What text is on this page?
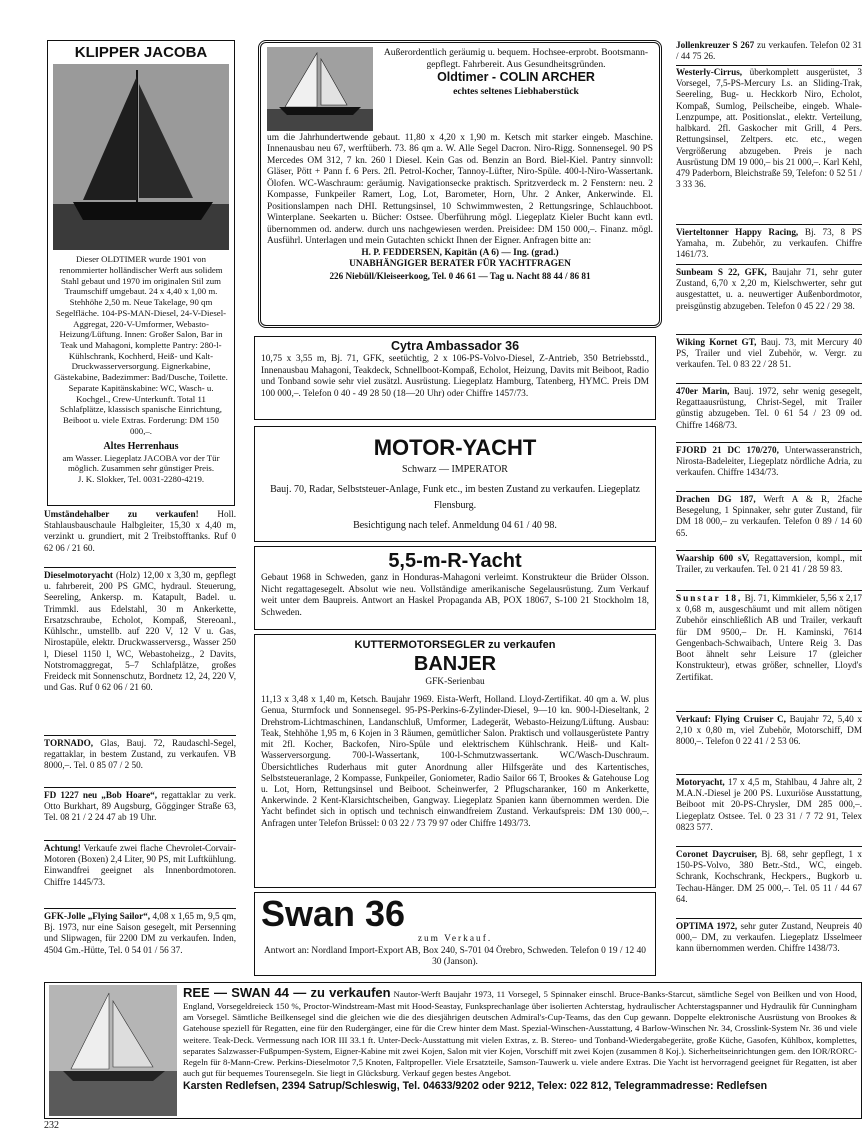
KLIPPER JACOBA

Dieser OLDTIMER wurde 1901 von renommierter holländischer Werft aus solidem Stahl gebaut und 1970 im originalen Stil zum Traumschiff umgebaut. 24 x 4,40 x 1,00 m. Stehhöhe 2,50 m. Neue Takelage, 90 qm Segelfläche. 104-PS-MAN-Diesel, 24-V-Diesel-Aggregat, 220-V-Umformer, Webasto-Heizung/Lüftung. Innen: Großer Salon, Bar in Teak und Mahagoni, komplette Pantry: 280-l-Kühlschrank, Kochherd, Heiß- und Kalt-Druckwasserversorgung. Eignerkabine, Gästekabine, Badezimmer: Bad/Dusche, Toilette. Separate Kapitänskabine: WC, Wasch- u. Kochgel., Crew-Unterkunft. Total 11 Schlafplätze, klassisch spanische Einrichtung, Beiboot u. viele Extras. Forderung: DM 150 000,–.

Altes Herrenhaus

am Wasser. Liegeplatz JACOBA vor der Tür möglich. Zusammen sehr günstiger Preis.

J. K. Slokker, Tel. 0031-2280-4219.

Umständehalber zu verkaufen! Holl. Stahlausbauschaule Halbgleiter, 15,30 x 4,40 m, verzinkt u. grundiert, mit 2 Treibstofftanks. Ruf 0 62 06 / 21 60.
Dieselmotoryacht (Holz) 12,00 x 3,30 m, gepflegt u. fahrbereit, 200 PS GMC, hydraul. Steuerung, Seereling, Ankersp. m. Katapult, Badel. u. Trimmkl. aus Edelstahl, 30 m Ankerkette, Ersatzschraube, Echolot, Kompaß, Stereoanl., Kühlschr., umstellb. auf 220 V, 12 V u. Gas, Nirostapüle, elektr. Druckwasserversg., Wasser 250 l, Diesel 1150 l, WC, Webastoheizg., 2 Davits, Notstromaggregat, 5–7 Schlafplätze, großes Freideck mit Sonnenschutz, Bordnetz 12, 24, 220 V, und Gas. Ruf 0 62 06 / 21 60.
TORNADO, Glas, Bauj. 72, Raudaschl-Segel, regattaklar, in bestem Zustand, zu verkaufen. VB 8000,–. Tel. 0 85 07 / 2 50.
FD 1227 neu „Bob Hoare“, regattaklar zu verk. Otto Burkhart, 89 Augsburg, Gögginger Straße 63, Tel. 08 21 / 2 24 47 ab 19 Uhr.
Achtung! Verkaufe zwei flache Chevrolet-Corvair-Motoren (Boxen) 2,4 Liter, 90 PS, mit Luftkühlung. Einwandfrei geeignet als Innenbordmotoren. Chiffre 1445/73.
GFK-Jolle „Flying Sailor“, 4,08 x 1,65 m, 9,5 qm, Bj. 1973, nur eine Saison gesegelt, mit Persenning und Slipwagen, für 2200 DM zu verkaufen. Inden, 4504 Gm.-Hütte, Tel. 0 54 01 / 56 37.

Außerordentlich geräumig u. bequem. Hochsee-erprobt. Bootsmann-gepflegt. Fahrbereit. Aus Gesundheitsgründen.

Oldtimer - COLIN ARCHER
echtes seltenes Liebhaberstück

um die Jahrhundertwende gebaut. 11,80 x 4,20 x 1,90 m. Ketsch mit starker eingeb. Maschine. Innenausbau neu 67, werftüberh. 73. 86 qm a. W. Alle Segel Dacron. Niro-Rigg. Sonnensegel. 90 PS Mercedes OM 312, 7 kn. 260 l Diesel. Kein Gas od. Benzin an Bord. Biel-Kiel. Pantry sinnvoll: Gläser, Pött + Pann f. 6 Pers. 2fl. Petrol-Kocher, Tannoy-Lüfter, Niro-Spüle. 400-l-Niro-Wassertank. Ölofen. WC-Waschraum: geräumig. Navigationsecke praktisch. Spritzverdeck m. 2 Fenstern: neu. 2 Kompasse, Funkpeiler Ramert, Log, Lot, Barometer, Horn, Uhr. 2 Anker, Ankerwinde. El. Positionslampen nach DHI. Rettungsinsel, 10 Schwimmwesten, 2 Rettungsringe, Schlauchboot. Winterplane. Seekarten u. Bücher: Ostsee. Überführung mögl. Liegeplatz Kieler Bucht kann evtl. übernommen od. anderw. durch uns nachgewiesen werden. Preisidee: DM 150 000,–. Finanz. mögl. Ausführl. Unterlagen und mein Gutachten schickt Ihnen der Eigner. Anfragen bitte an:

H. P. FEDDERSEN, Kapitän (A 6) — Ing. (grad.)

UNABHÄNGIGER BERATER FÜR YACHTFRAGEN

226 Niebüll/Kleiseerkoog, Tel. 0 46 61 — Tag u. Nacht 88 44 / 86 81

Cytra Ambassador 36

10,75 x 3,55 m, Bj. 71, GFK, seetüchtig, 2 x 106-PS-Volvo-Diesel, Z-Antrieb, 350 Betriebsstd., Innenausbau Mahagoni, Teakdeck, Schnellboot-Kompaß, Echolot, Heizung, Davits mit Beiboot, Radio und Tonband sowie sehr viel zusätzl. Ausrüstung. Liegeplatz Hamburg, Tatenberg, HYMC. Preis DM 100 000,–. Telefon 0 40 - 49 28 50 (18—20 Uhr) oder Chiffre 1457/73.

MOTOR-YACHT
Schwarz — IMPERATOR

Bauj. 70, Radar, Selbststeuer-Anlage, Funk etc., im besten Zustand zu verkaufen. Liegeplatz Flensburg.

Besichtigung nach telef. Anmeldung 04 61 / 40 98.

5,5-m-R-Yacht

Gebaut 1968 in Schweden, ganz in Honduras-Mahagoni verleimt. Konstrukteur die Brüder Olsson. Nicht regattagesegelt. Absolut wie neu. Vollständige amerikanische Segelausrüstung. Zum Verkauf weit unter dem Baupreis. Antwort an Haskel Propaganda AB, POX 18067, S-100 21 Stockholm 18, Schweden.

KUTTERMOTORSEGLER zu verkaufen
BANJER
GFK-Serienbau

11,13 x 3,48 x 1,40 m, Ketsch. Baujahr 1969. Eista-Werft, Holland. Lloyd-Zertifikat. 40 qm a. W. plus Genua, Sturmfock und Sonnensegel. 95-PS-Perkins-6-Zylinder-Diesel, 9—10 kn. 900-l-Dieseltank, 2 Drehstrom-Lichtmaschinen, Landanschluß, Umformer, Ladegerät, Webasto-Heizung/Lüftung. Ausbau: Teak, Stehhöhe 1,95 m, 6 Kojen in 3 Räumen, gemütlicher Salon. Praktisch und vollausgerüstete Pantry mit 2fl. Kocher, Backofen, Niro-Spüle und elektrischem Kühlschrank. Heiß- und Kalt-Wasserversorgung. 700-l-Wassertank, 100-l-Schmutzwassertank. WC/Wasch-Duschraum. Übersichtliches Ruderhaus mit guter Anordnung aller Hilfsgeräte und des Kartentisches, Selbststeueranlage, 2 Kompasse, Funkpeiler, Goniometer, Radio Sailor 66 T, Brookes & Gatehouse Log u. Lot, Horn, Rettungsinsel und Beiboot. Scheinwerfer, 2 Pflugscharanker, 160 m Ankerkette, Ankerwinde. 2 Kent-Klarsichtscheiben, Gangway. Liegeplatz Spanien kann übernommen werden. Die Yacht befindet sich in optisch und technisch einwandfreiem Zustand. Verkaufspreis: DM 130 000,–. Anfragen unter Telefon Brüssel: 0 03 22 / 73 79 97 oder Chiffre 1493/73.

Swan 36
zum Verkauf.

Antwort an: Nordland Import-Export AB, Box 240, S-701 04 Örebro, Schweden. Telefon 0 19 / 12 40 30 (Janson).

Jollenkreuzer S 267 zu verkaufen. Telefon 02 31 / 44 75 26.
Westerly-Cirrus, überkomplett ausgerüstet, 3 Vorsegel, 7,5-PS-Mercury Ls. an Sliding-Trak, Seereling, Bug- u. Heckkorb Niro, Echolot, Kompaß, Sumlog, Peilscheibe, eingeb. Whale-Lenzpumpe, att. Positionslat., elektr. Verteilung, halbkard. 2fl. Gaskocher mit Grill, 4 Pers. Rettungsinsel, Zeltpers. etc. etc., wegen Vergrößerung abzugeben. Preis je nach Ausrüstung DM 19 000,– bis 21 000,–. Karl Kehl, 479 Paderborn, Bleichstraße 59, Telefon: 0 52 51 / 3 33 36.
Vierteltonner Happy Racing, Bj. 73, 8 PS Yamaha, m. Zubehör, zu verkaufen. Chiffre 1461/73.
Sunbeam S 22, GFK, Baujahr 71, sehr guter Zustand, 6,70 x 2,20 m, Kielschwerter, sehr gut ausgestattet, u. a. neuwertiger Außenbordmotor, preisgünstig abzugeben. Telefon 0 45 22 / 29 38.
Wiking Kornet GT, Bauj. 73, mit Mercury 40 PS, Trailer und viel Zubehör, w. Vergr. zu verkaufen. Tel. 0 83 22 / 28 51.
470er Marin, Bauj. 1972, sehr wenig gesegelt, Regattaausrüstung, Christ-Segel, mit Trailer günstig abzugeben. Tel. 0 61 54 / 23 09 od. Chiffre 1468/73.
FJORD 21 DC 170/270, Unterwasseranstrich, Nirosta-Badeleiter, Liegeplatz nördliche Adria, zu verkaufen. Chiffre 1434/73.
Drachen DG 187, Werft A & R, 2fache Besegelung, 1 Spinnaker, sehr guter Zustand, für DM 18 000,– zu verkaufen. Telefon 0 89 / 14 60 65.
Waarship 600 sV, Regattaversion, kompl., mit Trailer, zu verkaufen. Tel. 0 21 41 / 28 59 83.
Sunstar 18, Bj. 71, Kimmkieler, 5,56 x 2,17 x 0,68 m, ausgeschäumt und mit allem nötigen Zubehör einschließlich AB und Trailer, verkauft für DM 9500,– Dr. H. Kaminski, 7614 Gengenbach-Schwaibach, Untere Reig 3. Das Boot ähnelt sehr Leisure 17 (gleicher Konstrukteur), etwas größer, schneller, Lloyd's Zertifikat.
Verkauf: Flying Cruiser C, Baujahr 72, 5,40 x 2,10 x 0,80 m, viel Zubehör, Motorschiff, DM 8000,–. Telefon 0 22 41 / 2 53 06.
Motoryacht, 17 x 4,5 m, Stahlbau, 4 Jahre alt, 2 M.A.N.-Diesel je 200 PS. Luxuriöse Ausstattung, Beiboot mit 20-PS-Chrysler, DM 285 000,–. Liegeplatz Ostsee. Tel. 0 23 31 / 7 72 91, Telex 0823 577.
Coronet Daycruiser, Bj. 68, sehr gepflegt, 1 x 150-PS-Volvo, 380 Betr.-Std., WC, eingeb. Schrank, Kochschrank, Heckpers., Bugkorb u. Techau-Hänger. DM 25 000,–. Tel. 05 11 / 44 67 64.
OPTIMA 1972, sehr guter Zustand, Neupreis 40 000,– DM, zu verkaufen. Liegeplatz IJsselmeer kann übernommen werden. Chiffre 1438/73.
REE — SWAN 44 — zu verkaufen Nautor-Werft Baujahr 1973, 11 Vorsegel, 5 Spinnaker einschl. Bruce-Banks-Starcut, sämtliche Segel von Beilken und von Hood, England, Vorsegeldreieck 150 %, Proctor-Windstream-Mast mit Hood-Seastay, Funksprechanlage über isolierten Achterstag, hydraulischer Achterstagspanner und Hydraulik für Cunningham am Vorsegel. Sämtliche Beilkensegel sind die gleichen wie die des diesjährigen deutschen Admiral's-Cup-Teams, das den Cup gewann. Doppelte elektronische Ausrüstung von Brookes & Gatehouse speziell für Regatten, eine für den Rudergänger, eine für die Crew hinter dem Mast. Spezial-Winschen-Ausstattung, 4 Barlow-Winschen Nr. 34, Crosslink-System Nr. 36 und viele weitere. Teak-Deck. Vermessung nach IOR III 33.1 ft. Unter-Deck-Ausstattung mit vielen Extras, z. B. Stereo- und Tonband-Wiedergabegeräte, große Küche, Gasofen, Kühlbox, komplettes, separates Salzwasser-Fußpumpen-System, Eigner-Kabine mit zwei Kojen, Salon mit vier Kojen, Vorschiff mit zwei Kojen (zusammen 8 Koj.). Sicherheitseinrichtungen gem. den IOR/RORC-Regeln für 8-Mann-Crew. Perkins-Dieselmotor 7,5 Knoten, Faltpropeller. Viele Ersatzteile, Samson-Tauwerk u. viele andere Extras. Die Yacht ist hervorragend geeignet für Regatten, ist aber auch gut für bequemes Tourensegeln. Sie liegt in Glücksburg. Verkauf gegen bestes Angebot.
Karsten Redlefsen, 2394 Satrup/Schleswig, Tel. 04633/9202 oder 9212, Telex: 022 812, Telegrammadresse: Redlefsen
232
